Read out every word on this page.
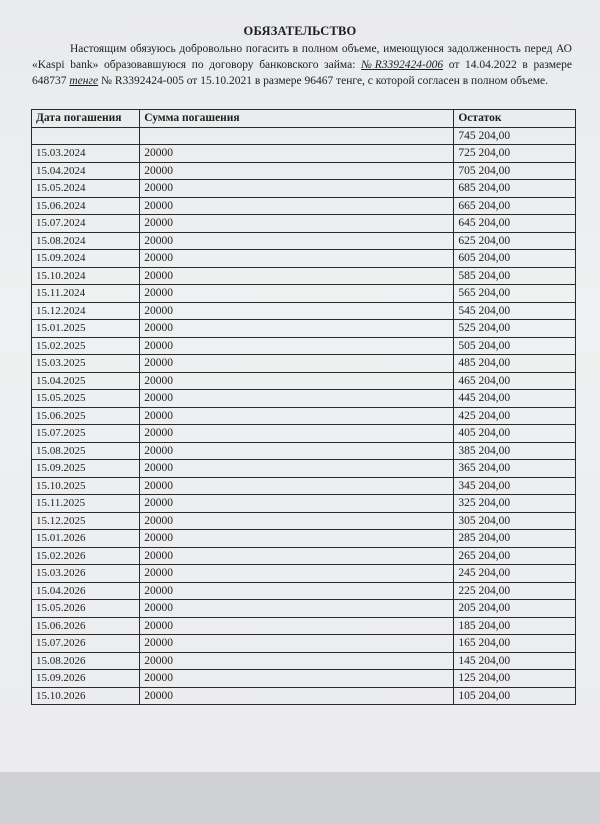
ОБЯЗАТЕЛЬСТВО
Настоящим обязуюсь добровольно погасить в полном объеме, имеющуюся задолженность перед АО «Kaspi bank» образовавшуюся по договору банковского займа: №R3392424-006 от 14.04.2022 в размере 648737 тенге № R3392424-005 от 15.10.2021 в размере 96467 тенге, с которой согласен в полном объеме.
Дата погашения	Сумма погашения	Остаток
		745 204,00
15.03.2024	20000	725 204,00
15.04.2024	20000	705 204,00
15.05.2024	20000	685 204,00
15.06.2024	20000	665 204,00
15.07.2024	20000	645 204,00
15.08.2024	20000	625 204,00
15.09.2024	20000	605 204,00
15.10.2024	20000	585 204,00
15.11.2024	20000	565 204,00
15.12.2024	20000	545 204,00
15.01.2025	20000	525 204,00
15.02.2025	20000	505 204,00
15.03.2025	20000	485 204,00
15.04.2025	20000	465 204,00
15.05.2025	20000	445 204,00
15.06.2025	20000	425 204,00
15.07.2025	20000	405 204,00
15.08.2025	20000	385 204,00
15.09.2025	20000	365 204,00
15.10.2025	20000	345 204,00
15.11.2025	20000	325 204,00
15.12.2025	20000	305 204,00
15.01.2026	20000	285 204,00
15.02.2026	20000	265 204,00
15.03.2026	20000	245 204,00
15.04.2026	20000	225 204,00
15.05.2026	20000	205 204,00
15.06.2026	20000	185 204,00
15.07.2026	20000	165 204,00
15.08.2026	20000	145 204,00
15.09.2026	20000	125 204,00
15.10.2026	20000	105 204,00
